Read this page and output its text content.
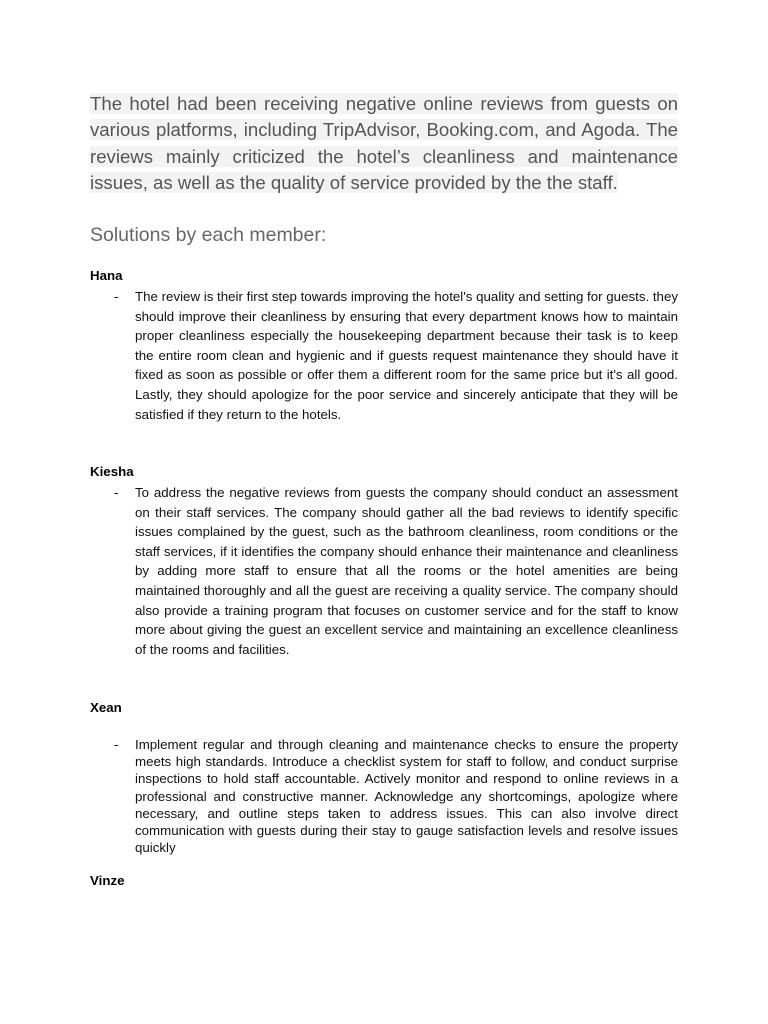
The hotel had been receiving negative online reviews from guests on various platforms, including TripAdvisor, Booking.com, and Agoda. The reviews mainly criticized the hotel’s cleanliness and maintenance issues, as well as the quality of service provided by the the staff.

Solutions by each member:
Hana
- The review is their first step towards improving the hotel's quality and setting for guests. they should improve their cleanliness by ensuring that every department knows how to maintain proper cleanliness especially the housekeeping department because their task is to keep the entire room clean and hygienic and if guests request maintenance they should have it fixed as soon as possible or offer them a different room for the same price but it's all good. Lastly, they should apologize for the poor service and sincerely anticipate that they will be satisfied if they return to the hotels.
Kiesha
- To address the negative reviews from guests the company should conduct an assessment on their staff services. The company should gather all the bad reviews to identify specific issues complained by the guest, such as the bathroom cleanliness, room conditions or the staff services, if it identifies the company should enhance their maintenance and cleanliness by adding more staff to ensure that all the rooms or the hotel amenities are being maintained thoroughly and all the guest are receiving a quality service. The company should also provide a training program that focuses on customer service and for the staff to know more about giving the guest an excellent service and maintaining an excellence cleanliness of the rooms and facilities.
Xean
- Implement regular and through cleaning and maintenance checks to ensure the property meets high standards. Introduce a checklist system for staff to follow, and conduct surprise inspections to hold staff accountable. Actively monitor and respond to online reviews in a professional and constructive manner. Acknowledge any shortcomings, apologize where necessary, and outline steps taken to address issues. This can also involve direct communication with guests during their stay to gauge satisfaction levels and resolve issues quickly
Vinze
